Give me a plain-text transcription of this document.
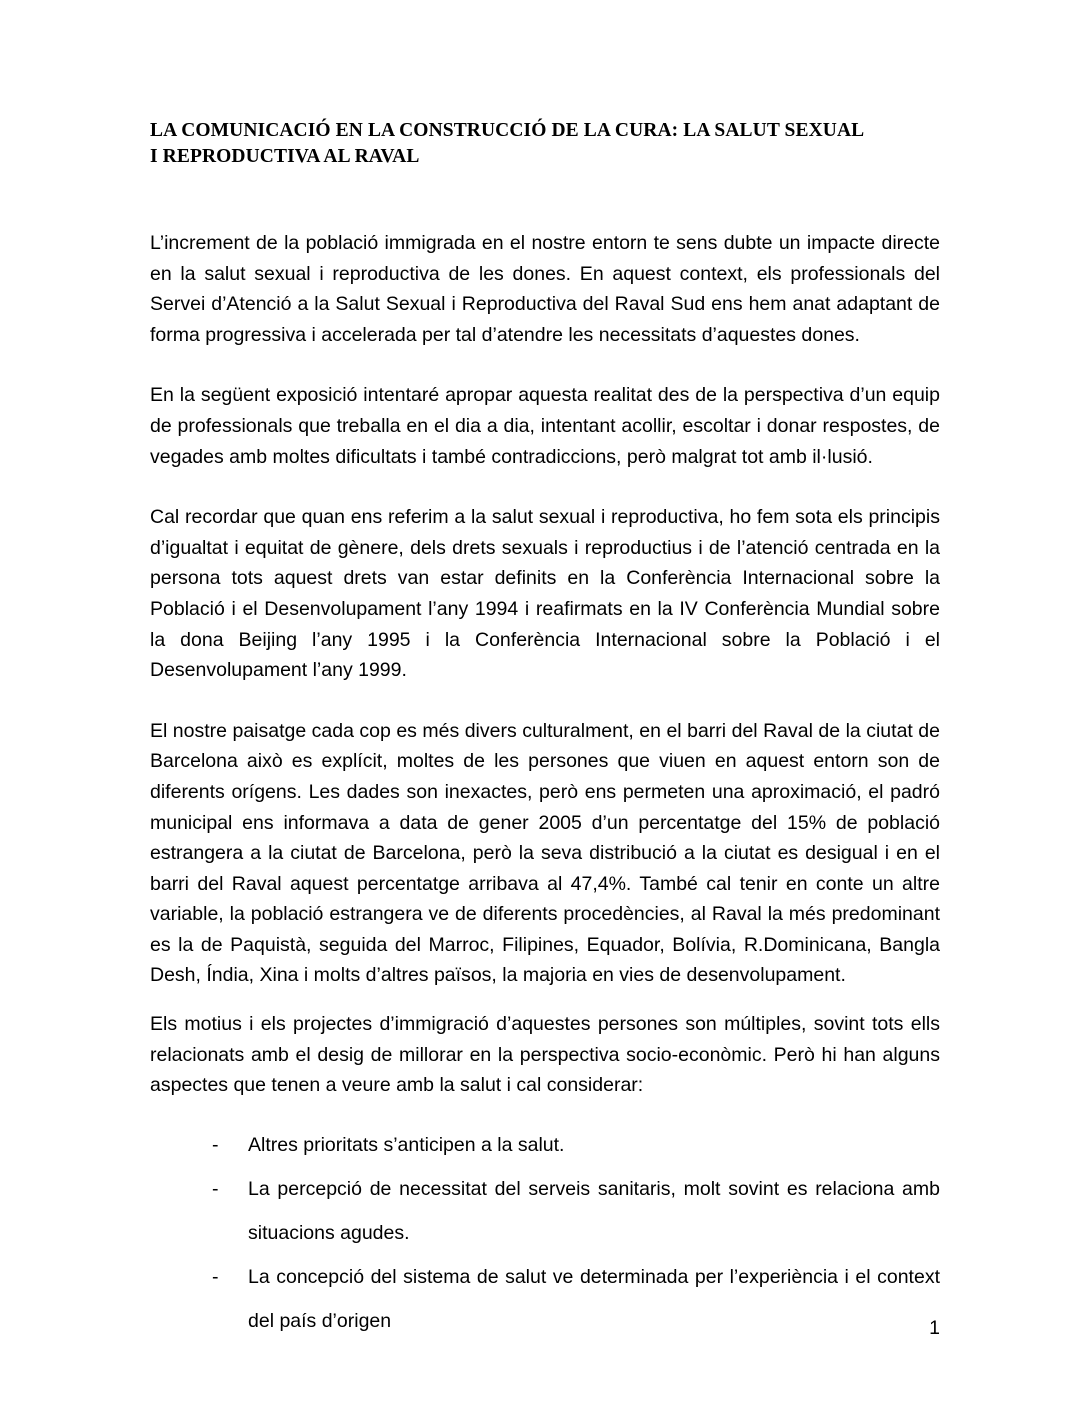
LA COMUNICACIÓ EN LA CONSTRUCCIÓ DE LA CURA: LA SALUT SEXUAL
I REPRODUCTIVA AL RAVAL

L’increment de la població immigrada en el nostre entorn te sens dubte un impacte directe en la salut sexual i reproductiva de les dones. En aquest context, els professionals del Servei d’Atenció a la Salut Sexual i Reproductiva del Raval Sud ens hem anat adaptant de forma progressiva i accelerada per tal d’atendre les necessitats d’aquestes dones.

En la següent exposició intentaré apropar aquesta realitat des de la perspectiva d’un equip de professionals que treballa en el dia a dia, intentant acollir, escoltar i donar respostes, de vegades amb moltes dificultats i també contradiccions, però malgrat tot amb il·lusió.

Cal recordar que quan ens referim a la salut sexual i reproductiva, ho fem sota els principis d’igualtat i equitat de gènere, dels drets sexuals i reproductius i de l’atenció centrada en la persona tots aquest drets van estar definits en la Conferència Internacional sobre la Població i el Desenvolupament l’any 1994 i reafirmats en la IV Conferència Mundial sobre la dona Beijing l’any 1995 i la Conferència Internacional sobre la Població i el Desenvolupament l’any 1999.

El nostre paisatge cada cop es més divers culturalment, en el barri del Raval de la ciutat de Barcelona això es explícit, moltes de les persones que viuen en aquest entorn son de diferents orígens. Les dades son inexactes, però ens permeten una aproximació, el padró municipal ens informava a data de gener 2005 d’un percentatge del 15% de població estrangera a la ciutat de Barcelona, però la seva distribució a la ciutat es desigual i en el barri del Raval aquest percentatge arribava al 47,4%. També cal tenir en conte un altre variable, la població estrangera ve de diferents procedències, al Raval la més predominant es la de Paquistà, seguida del Marroc, Filipines, Equador, Bolívia, R.Dominicana, Bangla Desh, Índia, Xina i molts d’altres països, la majoria en vies de desenvolupament.

Els motius i els projectes d’immigració d’aquestes persones son múltiples, sovint tots ells relacionats amb el desig de millorar en la perspectiva socio-econòmic. Però hi han alguns aspectes que tenen a veure amb la salut i cal considerar:

- Altres prioritats s’anticipen a la salut.
- La percepció de necessitat del serveis sanitaris, molt sovint es relaciona amb situacions agudes.
- La concepció del sistema de salut ve determinada per l’experiència i el context del país d’origen	1
